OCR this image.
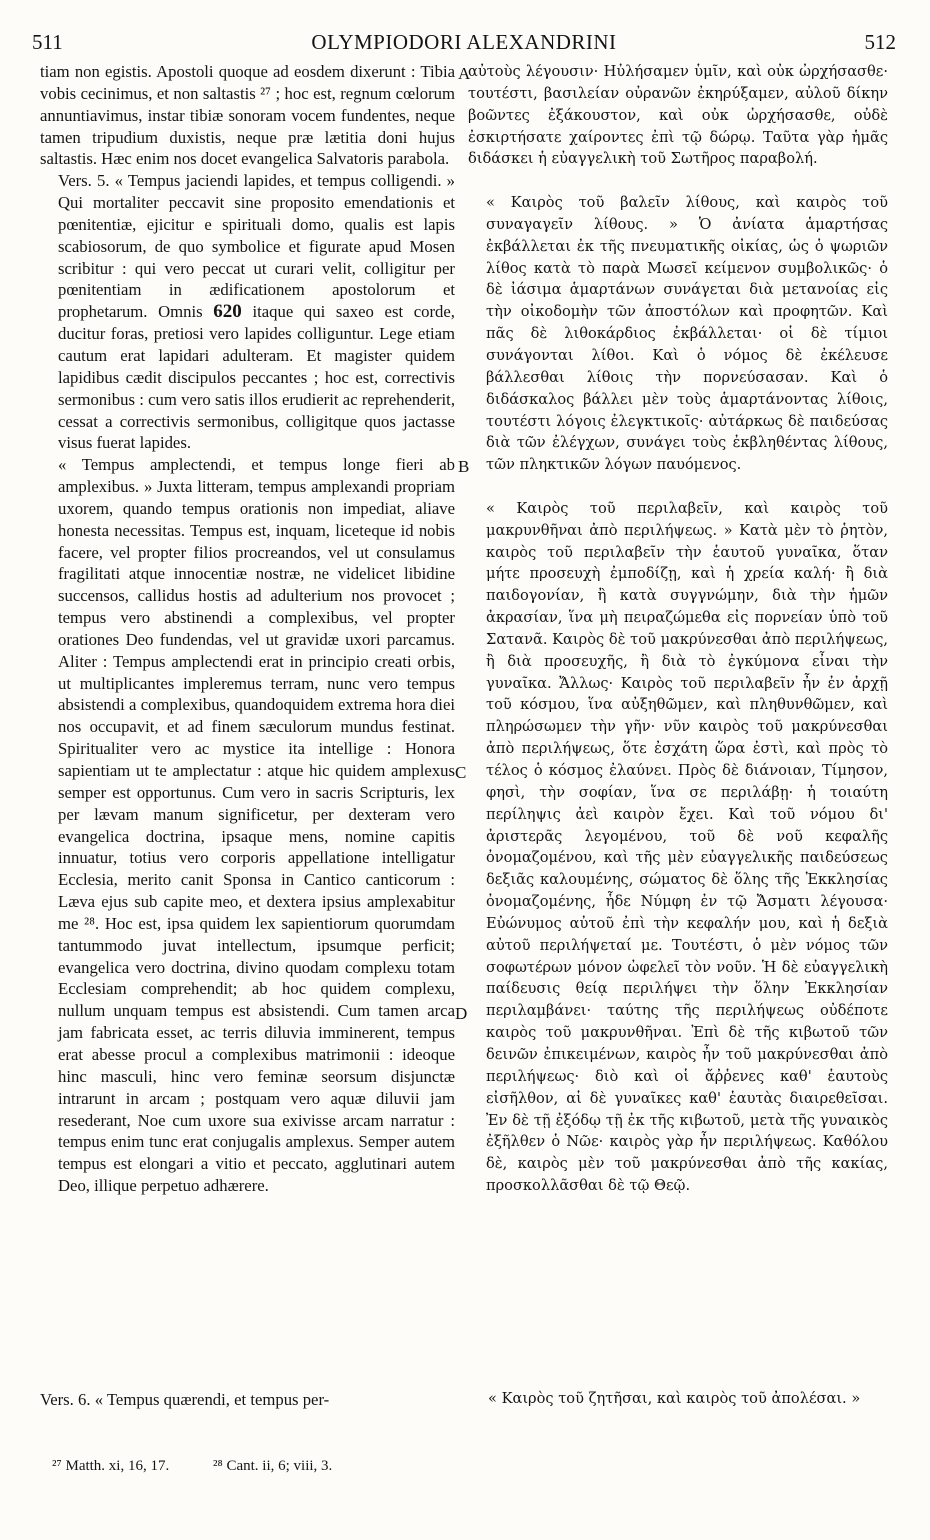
511	OLYMPIODORI ALEXANDRINI	512
A
B
C
D

tiam non egistis. Apostoli quoque ad eosdem dixerunt : Tibia vobis cecinimus, et non saltastis ²⁷ ; hoc est, regnum cœlorum annuntiavimus, instar tibiæ sonoram vocem fundentes, neque tamen tripudium duxistis, neque præ lætitia doni hujus saltastis. Hæc enim nos docet evangelica Salvatoris parabola.

Vers. 5. « Tempus jaciendi lapides, et tempus colligendi. » Qui mortaliter peccavit sine proposito emendationis et pœnitentiæ, ejicitur e spirituali domo, qualis est lapis scabiosorum, de quo symbolice et figurate apud Mosen scribitur : qui vero peccat ut curari velit, colligitur per pœnitentiam in ædificationem apostolorum et prophetarum. Omnis 620 itaque qui saxeo est corde, ducitur foras, pretiosi vero lapides colliguntur. Lege etiam cautum erat lapidari adulteram. Et magister quidem lapidibus cædit discipulos peccantes ; hoc est, correctivis sermonibus : cum vero satis illos erudierit ac reprehenderit, cessat a correctivis sermonibus, colligitque quos jactasse visus fuerat lapides.

« Tempus amplectendi, et tempus longe fieri ab amplexibus. » Juxta litteram, tempus amplexandi propriam uxorem, quando tempus orationis non impediat, aliave honesta necessitas. Tempus est, inquam, liceteque id nobis facere, vel propter filios procreandos, vel ut consulamus fragilitati atque innocentiæ nostræ, ne videlicet libidine succensos, callidus hostis ad adulterium nos provocet ; tempus vero abstinendi a complexibus, vel propter orationes Deo fundendas, vel ut gravidæ uxori parcamus. Aliter : Tempus amplectendi erat in principio creati orbis, ut multiplicantes impleremus terram, nunc vero tempus absistendi a complexibus, quandoquidem extrema hora diei nos occupavit, et ad finem sæculorum mundus festinat. Spiritualiter vero ac mystice ita intellige : Honora sapientiam ut te amplectatur : atque hic quidem amplexus semper est opportunus. Cum vero in sacris Scripturis, lex per lævam manum significetur, per dexteram vero evangelica doctrina, ipsaque mens, nomine capitis innuatur, totius vero corporis appellatione intelligatur Ecclesia, merito canit Sponsa in Cantico canticorum : Læva ejus sub capite meo, et dextera ipsius amplexabitur me ²⁸. Hoc est, ipsa quidem lex sapientiorum quorumdam tantummodo juvat intellectum, ipsumque perficit; evangelica vero doctrina, divino quodam complexu totam Ecclesiam comprehendit; ab hoc quidem complexu, nullum unquam tempus est absistendi. Cum tamen arca jam fabricata esset, ac terris diluvia imminerent, tempus erat abesse procul a complexibus matrimonii : ideoque hinc masculi, hinc vero feminæ seorsum disjunctæ intrarunt in arcam ; postquam vero aquæ diluvii jam resederant, Noe cum uxore sua exivisse arcam narratur : tempus enim tunc erat conjugalis amplexus. Semper autem tempus est elongari a vitio et peccato, agglutinari autem Deo, illique perpetuo adhærere.

αὐτοὺς λέγουσιν· Ηὐλήσαμεν ὑμῖν, καὶ οὐκ ὠρχήσασθε· τουτέστι, βασιλείαν οὐρανῶν ἐκηρύξαμεν, αὐλοῦ δίκην βοῶντες ἐξάκουστον, καὶ οὐκ ὠρχήσασθε, οὐδὲ ἐσκιρτήσατε χαίροντες ἐπὶ τῷ δώρῳ. Ταῦτα γὰρ ἡμᾶς διδάσκει ἡ εὐαγγελικὴ τοῦ Σωτῆρος παραβολή.

« Καιρὸς τοῦ βαλεῖν λίθους, καὶ καιρὸς τοῦ συναγαγεῖν λίθους. » Ὁ ἀνίατα ἁμαρτήσας ἐκβάλλεται ἐκ τῆς πνευματικῆς οἰκίας, ὡς ὁ ψωριῶν λίθος κατὰ τὸ παρὰ Μωσεῖ κείμενον συμβολικῶς· ὁ δὲ ἰάσιμα ἁμαρτάνων συνάγεται διὰ μετανοίας εἰς τὴν οἰκοδομὴν τῶν ἀποστόλων καὶ προφητῶν. Καὶ πᾶς δὲ λιθοκάρδιος ἐκβάλλεται· οἱ δὲ τίμιοι συνάγονται λίθοι. Καὶ ὁ νόμος δὲ ἐκέλευσε βάλλεσθαι λίθοις τὴν πορνεύσασαν. Καὶ ὁ διδάσκαλος βάλλει μὲν τοὺς ἁμαρτάνοντας λίθοις, τουτέστι λόγοις ἐλεγκτικοῖς· αὐτάρκως δὲ παιδεύσας διὰ τῶν ἐλέγχων, συνάγει τοὺς ἐκβληθέντας λίθους, τῶν πληκτικῶν λόγων παυόμενος.

« Καιρὸς τοῦ περιλαβεῖν, καὶ καιρὸς τοῦ μακρυνθῆναι ἀπὸ περιλήψεως. » Κατὰ μὲν τὸ ῥητὸν, καιρὸς τοῦ περιλαβεῖν τὴν ἑαυτοῦ γυναῖκα, ὅταν μήτε προσευχὴ ἐμποδίζῃ, καὶ ἡ χρεία καλή· ἢ διὰ παιδογονίαν, ἢ κατὰ συγγνώμην, διὰ τὴν ἡμῶν ἀκρασίαν, ἵνα μὴ πειραζώμεθα εἰς πορνείαν ὑπὸ τοῦ Σατανᾶ. Καιρὸς δὲ τοῦ μακρύνεσθαι ἀπὸ περιλήψεως, ἢ διὰ προσευχῆς, ἢ διὰ τὸ ἐγκύμονα εἶναι τὴν γυναῖκα. Ἄλλως· Καιρὸς τοῦ περιλαβεῖν ἦν ἐν ἀρχῇ τοῦ κόσμου, ἵνα αὐξηθῶμεν, καὶ πληθυνθῶμεν, καὶ πληρώσωμεν τὴν γῆν· νῦν καιρὸς τοῦ μακρύνεσθαι ἀπὸ περιλήψεως, ὅτε ἐσχάτη ὥρα ἐστὶ, καὶ πρὸς τὸ τέλος ὁ κόσμος ἐλαύνει. Πρὸς δὲ διάνοιαν, Τίμησον, φησὶ, τὴν σοφίαν, ἵνα σε περιλάβῃ· ἡ τοιαύτη περίληψις ἀεὶ καιρὸν ἔχει. Καὶ τοῦ νόμου δι' ἀριστερᾶς λεγομένου, τοῦ δὲ νοῦ κεφαλῆς ὀνομαζομένου, καὶ τῆς μὲν εὐαγγελικῆς παιδεύσεως δεξιᾶς καλουμένης, σώματος δὲ ὅλης τῆς Ἐκκλησίας ὀνομαζομένης, ἧδε Νύμφη ἐν τῷ Ἄσματι λέγουσα· Εὐώνυμος αὐτοῦ ἐπὶ τὴν κεφαλήν μου, καὶ ἡ δεξιὰ αὐτοῦ περιλήψεταί με. Τουτέστι, ὁ μὲν νόμος τῶν σοφωτέρων μόνον ὠφελεῖ τὸν νοῦν. Ἡ δὲ εὐαγγελικὴ παίδευσις θείᾳ περιλήψει τὴν ὅλην Ἐκκλησίαν περιλαμβάνει· ταύτης τῆς περιλήψεως οὐδέποτε καιρὸς τοῦ μακρυνθῆναι. Ἐπὶ δὲ τῆς κιβωτοῦ τῶν δεινῶν ἐπικειμένων, καιρὸς ἦν τοῦ μακρύνεσθαι ἀπὸ περιλήψεως· διὸ καὶ οἱ ἄῤῥενες καθ' ἑαυτοὺς εἰσῆλθον, αἱ δὲ γυναῖκες καθ' ἑαυτὰς διαιρεθεῖσαι. Ἐν δὲ τῇ ἐξόδῳ τῇ ἐκ τῆς κιβωτοῦ, μετὰ τῆς γυναικὸς ἐξῆλθεν ὁ Νῶε· καιρὸς γὰρ ἦν περιλήψεως. Καθόλου δὲ, καιρὸς μὲν τοῦ μακρύνεσθαι ἀπὸ τῆς κακίας, προσκολλᾶσθαι δὲ τῷ Θεῷ.

Vers. 6. « Tempus quærendi, et tempus per-	« Καιρὸς τοῦ ζητῆσαι, καὶ καιρὸς τοῦ ἀπολέσαι. »
²⁷ Matth. xi, 16, 17.	²⁸ Cant. ii, 6; viii, 3.
